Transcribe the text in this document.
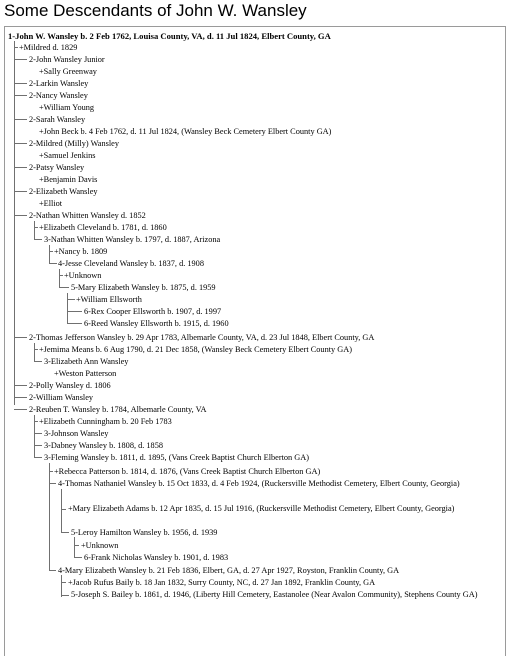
Some Descendants of John W. Wansley
1-John W. Wansley b. 2 Feb 1762, Louisa County, VA, d. 11 Jul 1824, Elbert County, GA
+Mildred d. 1829
2-John Wansley Junior
+Sally Greenway
2-Larkin Wansley
2-Nancy Wansley
+William Young
2-Sarah Wansley
+John Beck b. 4 Feb 1762, d. 11 Jul 1824, (Wansley Beck Cemetery Elbert County GA)
2-Mildred (Milly) Wansley
+Samuel Jenkins
2-Patsy Wansley
+Benjamin Davis
2-Elizabeth Wansley
+Elliot
2-Nathan Whitten Wansley d. 1852
+Elizabeth Cleveland b. 1781, d. 1860
3-Nathan Whitten Wansley b. 1797, d. 1887, Arizona
+Nancy b. 1809
4-Jesse Cleveland Wansley b. 1837, d. 1908
+Unknown
5-Mary Elizabeth Wansley b. 1875, d. 1959
+William Ellsworth
6-Rex Cooper Ellsworth b. 1907, d. 1997
6-Reed Wansley Ellsworth b. 1915, d. 1960
2-Thomas Jefferson Wansley b. 29 Apr 1783, Albemarle County, VA, d. 23 Jul 1848, Elbert County, GA
+Jemima Means b. 6 Aug 1790, d. 21 Dec 1858, (Wansley Beck Cemetery Elbert County GA)
3-Elizabeth Ann Wansley
+Weston Patterson
2-Polly Wansley d. 1806
2-William Wansley
2-Reuben T. Wansley b. 1784, Albemarle County, VA
+Elizabeth Cunningham b. 20 Feb 1783
3-Johnson Wansley
3-Dabney Wansley b. 1808, d. 1858
3-Fleming Wansley b. 1811, d. 1895, (Vans Creek Baptist Church Elberton GA)
+Rebecca Patterson b. 1814, d. 1876, (Vans Creek Baptist Church Elberton GA)
4-Thomas Nathaniel Wansley b. 15 Oct 1833, d. 4 Feb 1924, (Ruckersville Methodist Cemetery, Elbert County, Georgia)
+Mary Elizabeth Adams b. 12 Apr 1835, d. 15 Jul 1916, (Ruckersville Methodist Cemetery, Elbert County, Georgia)
5-Leroy Hamilton Wansley b. 1956, d. 1939
+Unknown
6-Frank Nicholas Wansley b. 1901, d. 1983
4-Mary Elizabeth Wansley b. 21 Feb 1836, Elbert, GA, d. 27 Apr 1927, Royston, Franklin County, GA
+Jacob Rufus Baily b. 18 Jan 1832, Surry County, NC, d. 27 Jan 1892, Franklin County, GA
5-Joseph S. Bailey b. 1861, d. 1946, (Liberty Hill Cemetery, Eastanolee (Near Avalon Community), Stephens County GA)
